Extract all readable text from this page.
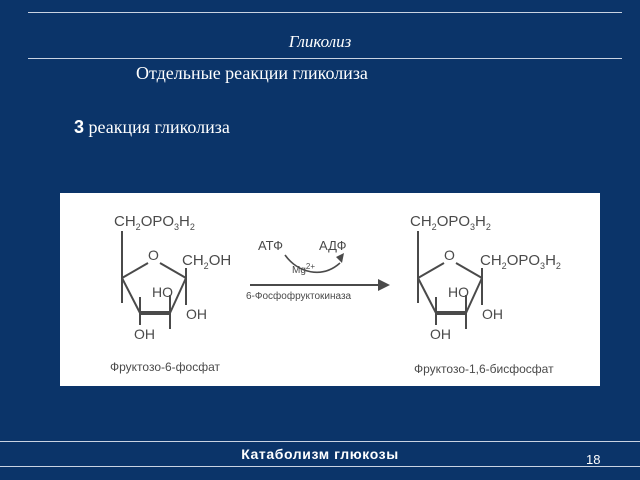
Гликолиз
Отдельные реакции гликолиза
3 реакция гликолиза
$CH_2OPO_3H_2$
O $CH_2OH$
HO
OH
OH
Фруктозо-6-фосфат
АТФ	АДФ
$Mg^{2+}$
6-Фосфофруктокиназа
$CH_2OPO_3H_2$
O $CH_2OPO_3H_2$
HO
OH
OH
Фруктозо-1,6-бисфосфат
Катаболизм глюкозы	18
